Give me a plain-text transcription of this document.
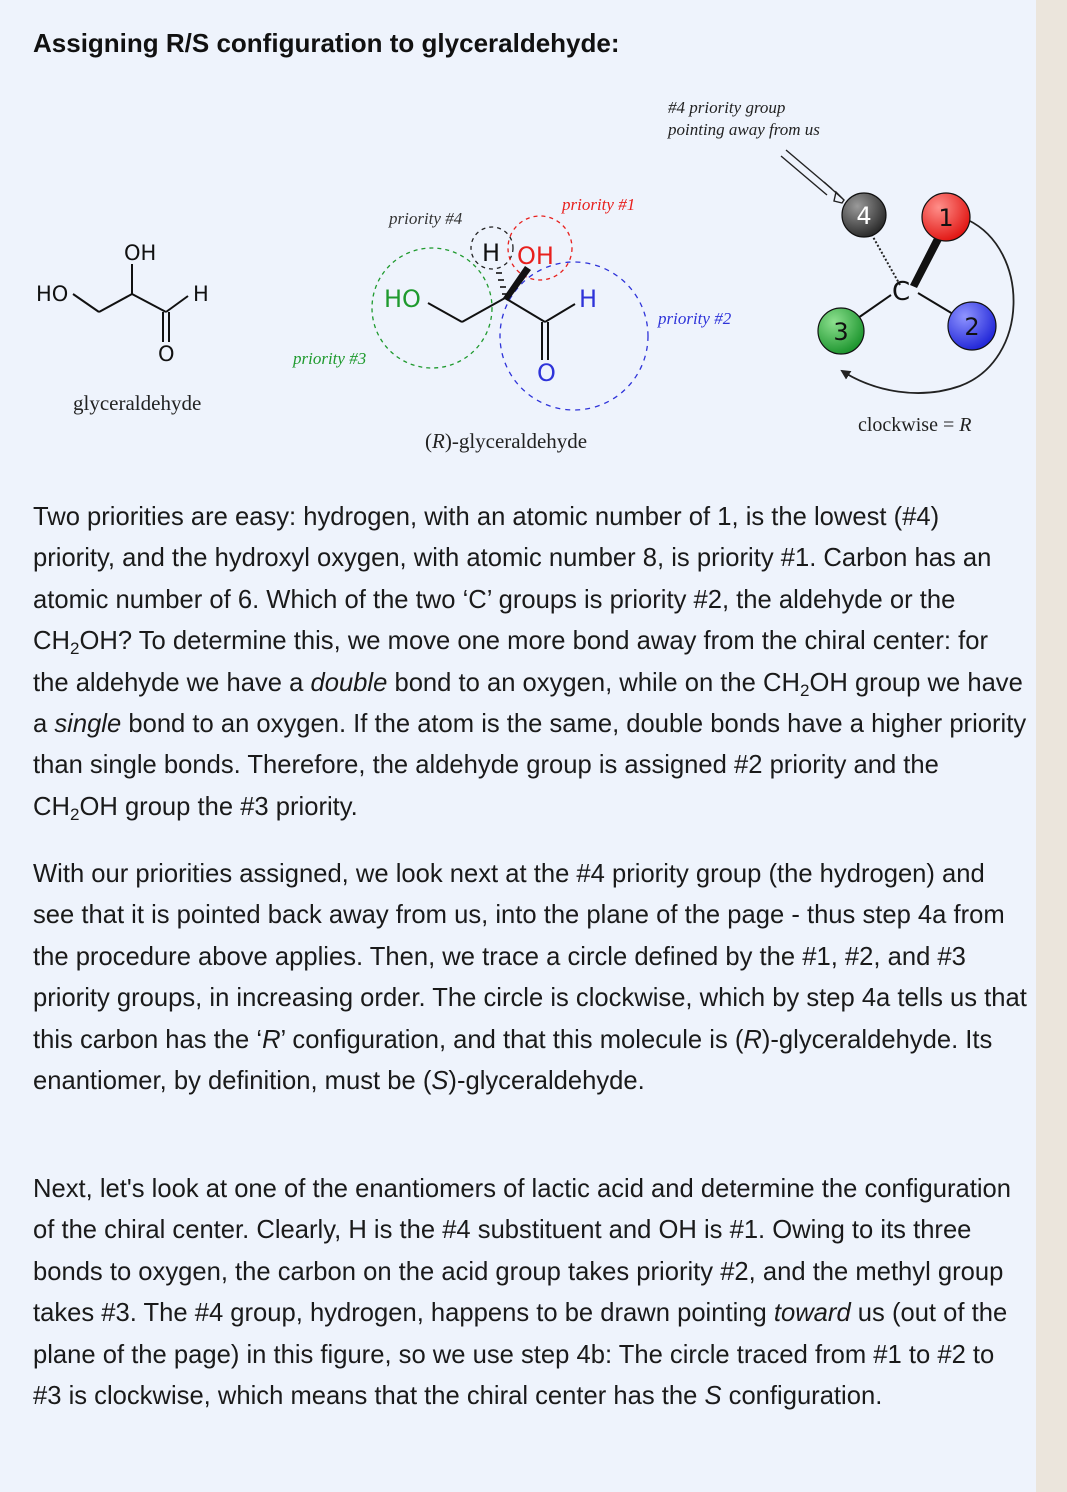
Assigning R/S configuration to glyceraldehyde:
OH
HO	H
O
glyceraldehyde
H OH
HO	H
O
priority #1
priority #2
priority #3
priority #4
(R)-glyceraldehyde
#4 priority group
pointing away from us
C
4	1
2
3
clockwise = R

Two priorities are easy: hydrogen, with an atomic number of 1, is the lowest (#4) priority, and the hydroxyl oxygen, with atomic number 8, is priority #1. Carbon has an atomic number of 6. Which of the two ‘C’ groups is priority #2, the aldehyde or the $CH_2OH$? To determine this, we move one more bond away from the chiral center: for the aldehyde we have a double bond to an oxygen, while on the $CH_2OH$ group we have a single bond to an oxygen. If the atom is the same, double bonds have a higher priority than single bonds. Therefore, the aldehyde group is assigned #2 priority and the $CH_2OH$ group the #3 priority.

With our priorities assigned, we look next at the #4 priority group (the hydrogen) and see that it is pointed back away from us, into the plane of the page - thus step 4a from the procedure above applies. Then, we trace a circle defined by the #1, #2, and #3 priority groups, in increasing order. The circle is clockwise, which by step 4a tells us that this carbon has the ‘R’ configuration, and that this molecule is (R)-glyceraldehyde. Its enantiomer, by definition, must be (S)-glyceraldehyde.

Next, let's look at one of the enantiomers of lactic acid and determine the configuration of the chiral center. Clearly, H is the #4 substituent and OH is #1. Owing to its three bonds to oxygen, the carbon on the acid group takes priority #2, and the methyl group takes #3. The #4 group, hydrogen, happens to be drawn pointing toward us (out of the plane of the page) in this figure, so we use step 4b: The circle traced from #1 to #2 to #3 is clockwise, which means that the chiral center has the S configuration.
